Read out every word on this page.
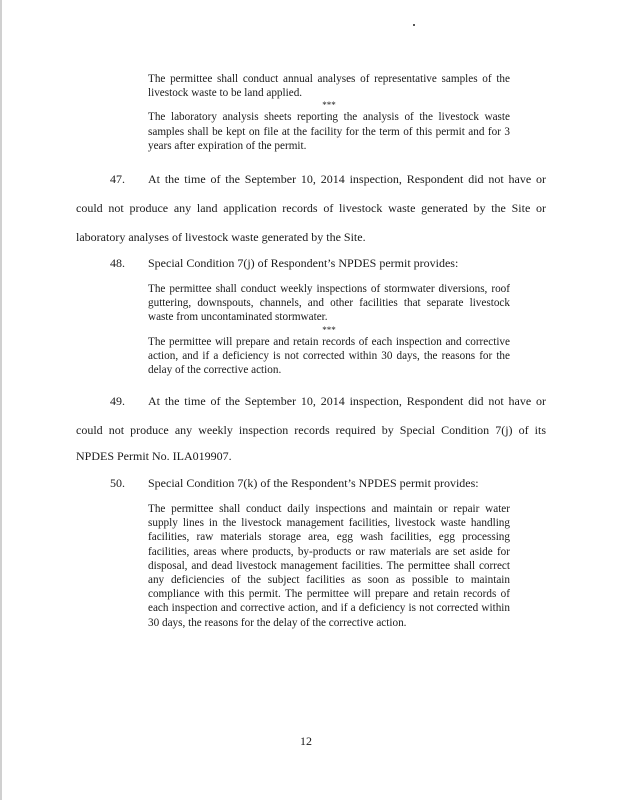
The permittee shall conduct annual analyses of representative samples of the livestock waste to be land applied.

***

The laboratory analysis sheets reporting the analysis of the livestock waste samples shall be kept on file at the facility for the term of this permit and for 3 years after expiration of the permit.

47. At the time of the September 10, 2014 inspection, Respondent did not have or
could not produce any land application records of livestock waste generated by the Site or
laboratory analyses of livestock waste generated by the Site.
48. Special Condition 7(j) of Respondent’s NPDES permit provides:

The permittee shall conduct weekly inspections of stormwater diversions, roof guttering, downspouts, channels, and other facilities that separate livestock waste from uncontaminated stormwater.

***

The permittee will prepare and retain records of each inspection and corrective action, and if a deficiency is not corrected within 30 days, the reasons for the delay of the corrective action.

49. At the time of the September 10, 2014 inspection, Respondent did not have or
could not produce any weekly inspection records required by Special Condition 7(j) of its
NPDES Permit No. ILA019907.
50. Special Condition 7(k) of the Respondent’s NPDES permit provides:

The permittee shall conduct daily inspections and maintain or repair water supply lines in the livestock management facilities, livestock waste handling facilities, raw materials storage area, egg wash facilities, egg processing facilities, areas where products, by-products or raw materials are set aside for disposal, and dead livestock management facilities. The permittee shall correct any deficiencies of the subject facilities as soon as possible to maintain compliance with this permit. The permittee will prepare and retain records of each inspection and corrective action, and if a deficiency is not corrected within 30 days, the reasons for the delay of the corrective action.

12
